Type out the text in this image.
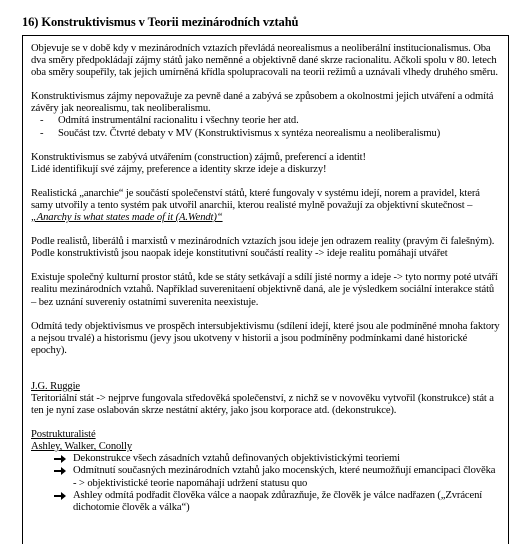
16) Konstruktivismus v Teorii mezinárodních vztahů

Objevuje se v době kdy v mezinárodních vztazích převládá neorealismus a neoliberální institucionalismus. Oba dva směry předpokládají zájmy států jako neměnné a objektivně dané skrze racionalitu. Ačkoli spolu v 80. letech oba směry soupeřily, tak jejich umírněná křídla spolupracovali na teorii režimů a uznávali vlhedy druhého směru.

Konstruktivismus zájmy nepovažuje za pevně dané a zabývá se způsobem a okolnostmi jejich utváření a odmítá závěry jak neorealismu, tak neoliberalismu.

- Odmítá instrumentální racionalitu i všechny teorie her atd.
- Součást tzv. Čtvrté debaty v MV (Konstruktivismus x syntéza neorealismu a neoliberalismu)

Konstruktivismus se zabývá utvářením (construction) zájmů, preferencí a identit!

Lidé identifikují své zájmy, preference a identity skrze ideje a diskurzy!

Realistická „anarchie“ je součástí společenství států, které fungovaly v systému idejí, norem a pravidel, která samy utvořily a tento systém pak utvořil anarchii, kterou realisté mylně považují za objektivní skutečnost – „Anarchy is what states made of it (A.Wendt)“

Podle realistů, liberálů i marxistů v mezinárodních vztazích jsou ideje jen odrazem reality (pravým či falešným).

Podle konstruktivistů jsou naopak ideje konstitutivní součástí reality -> ideje realitu pomáhají utvářet

Existuje společný kulturní prostor států, kde se státy setkávají a sdílí jisté normy a ideje -> tyto normy poté utváří realitu mezinárodních vztahů. Například suverenitaení objektivně daná, ale je výsledkem sociální interakce států – bez uznání suvereniy ostatními suverenita neexistuje.

Odmítá tedy objektivismus ve prospěch intersubjektivismu (sdílení idejí, které jsou ale podmíněné mnoha faktory a nejsou trvalé) a historismu (jevy jsou ukotveny v historii a jsou podmíněny podmínkami dané historické epochy).

J.G. Ruggie

Teritoriální stát -> nejprve fungovala středověká společenství, z nichž se v novověku vytvořil (konstrukce) stát a ten je nyní zase oslabován skrze nestátní aktéry, jako jsou korporace atd. (dekonstrukce).

Postrukturalisté

Ashley, Walker, Conolly

Dekonstrukce všech zásadních vztahů definovaných objektivistickými teoriemi
Odmítnutí současných mezinárodních vztahů jako mocenských, které neumožňují emancipaci člověka - > objektivistické teorie napomáhají udržení statusu quo
Ashley odmítá podřadit člověka válce a naopak zdůrazňuje, že člověk je válce nadřazen („Zvrácení dichotomie člověk a válka“)
